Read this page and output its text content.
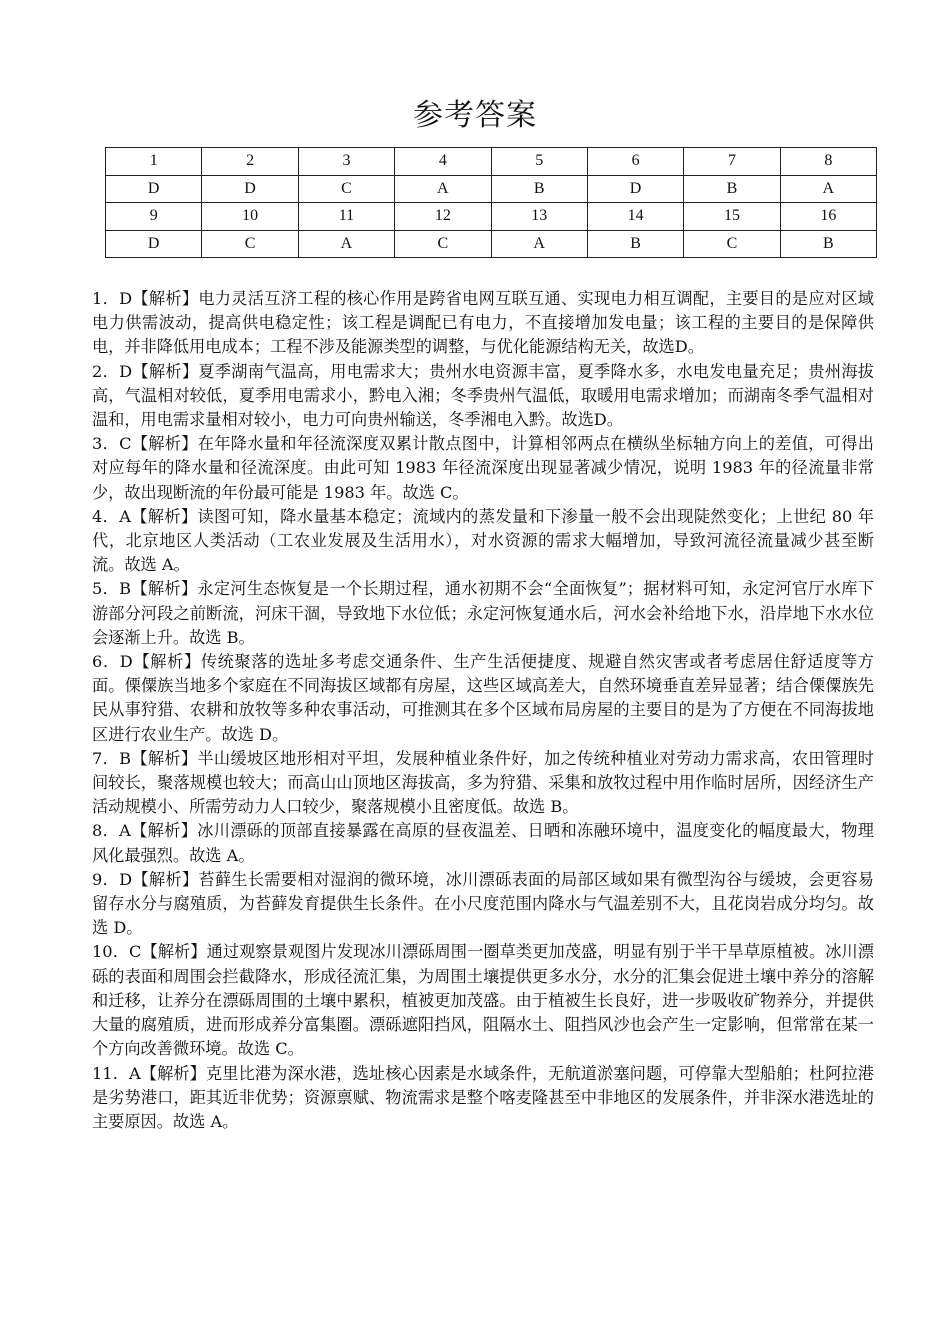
参考答案
1	2	3	4	5	6	7	8
D	D	C	A	B	D	B	A
9	10	11	12	13	14	15	16
D	C	A	C	A	B	C	B

1．D【解析】电力灵活互济工程的核心作用是跨省电网互联互通、实现电力相互调配，主要目的是应对区域电力供需波动，提高供电稳定性；该工程是调配已有电力，不直接增加发电量；该工程的主要目的是保障供电，并非降低用电成本；工程不涉及能源类型的调整，与优化能源结构无关，故选D。

2．D【解析】夏季湖南气温高，用电需求大；贵州水电资源丰富，夏季降水多，水电发电量充足；贵州海拔高，气温相对较低，夏季用电需求小，黔电入湘；冬季贵州气温低，取暖用电需求增加；而湖南冬季气温相对温和，用电需求量相对较小，电力可向贵州输送，冬季湘电入黔。故选D。

3．C【解析】在年降水量和年径流深度双累计散点图中，计算相邻两点在横纵坐标轴方向上的差值，可得出对应每年的降水量和径流深度。由此可知 1983 年径流深度出现显著减少情况，说明 1983 年的径流量非常少，故出现断流的年份最可能是 1983 年。故选 C。

4．A【解析】读图可知，降水量基本稳定；流域内的蒸发量和下渗量一般不会出现陡然变化；上世纪 80 年代，北京地区人类活动（工农业发展及生活用水），对水资源的需求大幅增加，导致河流径流量减少甚至断流。故选 A。

5．B【解析】永定河生态恢复是一个长期过程，通水初期不会“全面恢复”；据材料可知，永定河官厅水库下游部分河段之前断流，河床干涸，导致地下水位低；永定河恢复通水后，河水会补给地下水，沿岸地下水水位会逐渐上升。故选 B。

6．D【解析】传统聚落的选址多考虑交通条件、生产生活便捷度、规避自然灾害或者考虑居住舒适度等方面。傈僳族当地多个家庭在不同海拔区域都有房屋，这些区域高差大，自然环境垂直差异显著；结合傈僳族先民从事狩猎、农耕和放牧等多种农事活动，可推测其在多个区域布局房屋的主要目的是为了方便在不同海拔地区进行农业生产。故选 D。

7．B【解析】半山缓坡区地形相对平坦，发展种植业条件好，加之传统种植业对劳动力需求高，农田管理时间较长，聚落规模也较大；而高山山顶地区海拔高，多为狩猎、采集和放牧过程中用作临时居所，因经济生产活动规模小、所需劳动力人口较少，聚落规模小且密度低。故选 B。

8．A【解析】冰川漂砾的顶部直接暴露在高原的昼夜温差、日晒和冻融环境中，温度变化的幅度最大，物理风化最强烈。故选 A。

9．D【解析】苔藓生长需要相对湿润的微环境，冰川漂砾表面的局部区域如果有微型沟谷与缓坡，会更容易留存水分与腐殖质，为苔藓发育提供生长条件。在小尺度范围内降水与气温差别不大，且花岗岩成分均匀。故选 D。

10．C【解析】通过观察景观图片发现冰川漂砾周围一圈草类更加茂盛，明显有别于半干旱草原植被。冰川漂砾的表面和周围会拦截降水，形成径流汇集，为周围土壤提供更多水分，水分的汇集会促进土壤中养分的溶解和迁移，让养分在漂砾周围的土壤中累积，植被更加茂盛。由于植被生长良好，进一步吸收矿物养分，并提供大量的腐殖质，进而形成养分富集圈。漂砾遮阳挡风，阻隔水土、阻挡风沙也会产生一定影响，但常常在某一个方向改善微环境。故选 C。

11．A【解析】克里比港为深水港，选址核心因素是水域条件，无航道淤塞问题，可停靠大型船舶；杜阿拉港是劣势港口，距其近非优势；资源禀赋、物流需求是整个喀麦隆甚至中非地区的发展条件，并非深水港选址的主要原因。故选 A。
